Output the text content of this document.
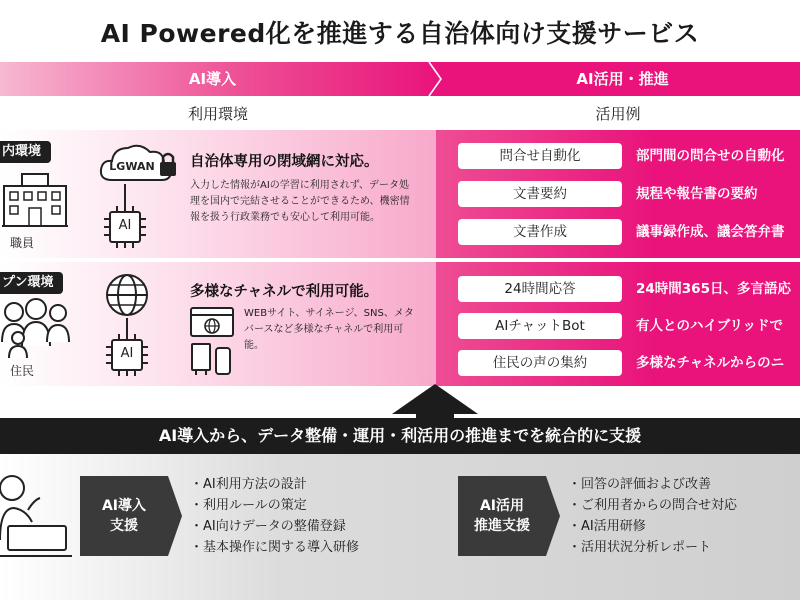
AI Powered化を推進する自治体向け支援サービス
AI導入	AI活用・推進
利用環境	活用例
内環境
職員
LGWAN
AI
自治体専用の閉域網に対応。
入力した情報がAIの学習に利用されず、データ処理を国内で完結させることができるため、機密情報を扱う行政業務でも安心して利用可能。
問合せ自動化	部門間の問合せの自動化
文書要約	規程や報告書の要約
文書作成	議事録作成、議会答弁書
プン環境
住民
AI
多様なチャネルで利用可能。
WEBサイト、サイネージ、SNS、メタバースなど多様なチャネルで利用可能。
24時間応答	24時間365日、多言語応
AIチャットBot	有人とのハイブリッドで
住民の声の集約	多様なチャネルからのニ
AI導入から、データ整備・運用・利活用の推進までを統合的に支援
AI導入
支援
・ AI利用方法の設計
・ 利用ルールの策定
・ AI向けデータの整備登録
・ 基本操作に関する導入研修
AI活用
推進支援
・ 回答の評価および改善
・ ご利用者からの問合せ対応
・ AI活用研修
・ 活用状況分析レポート
